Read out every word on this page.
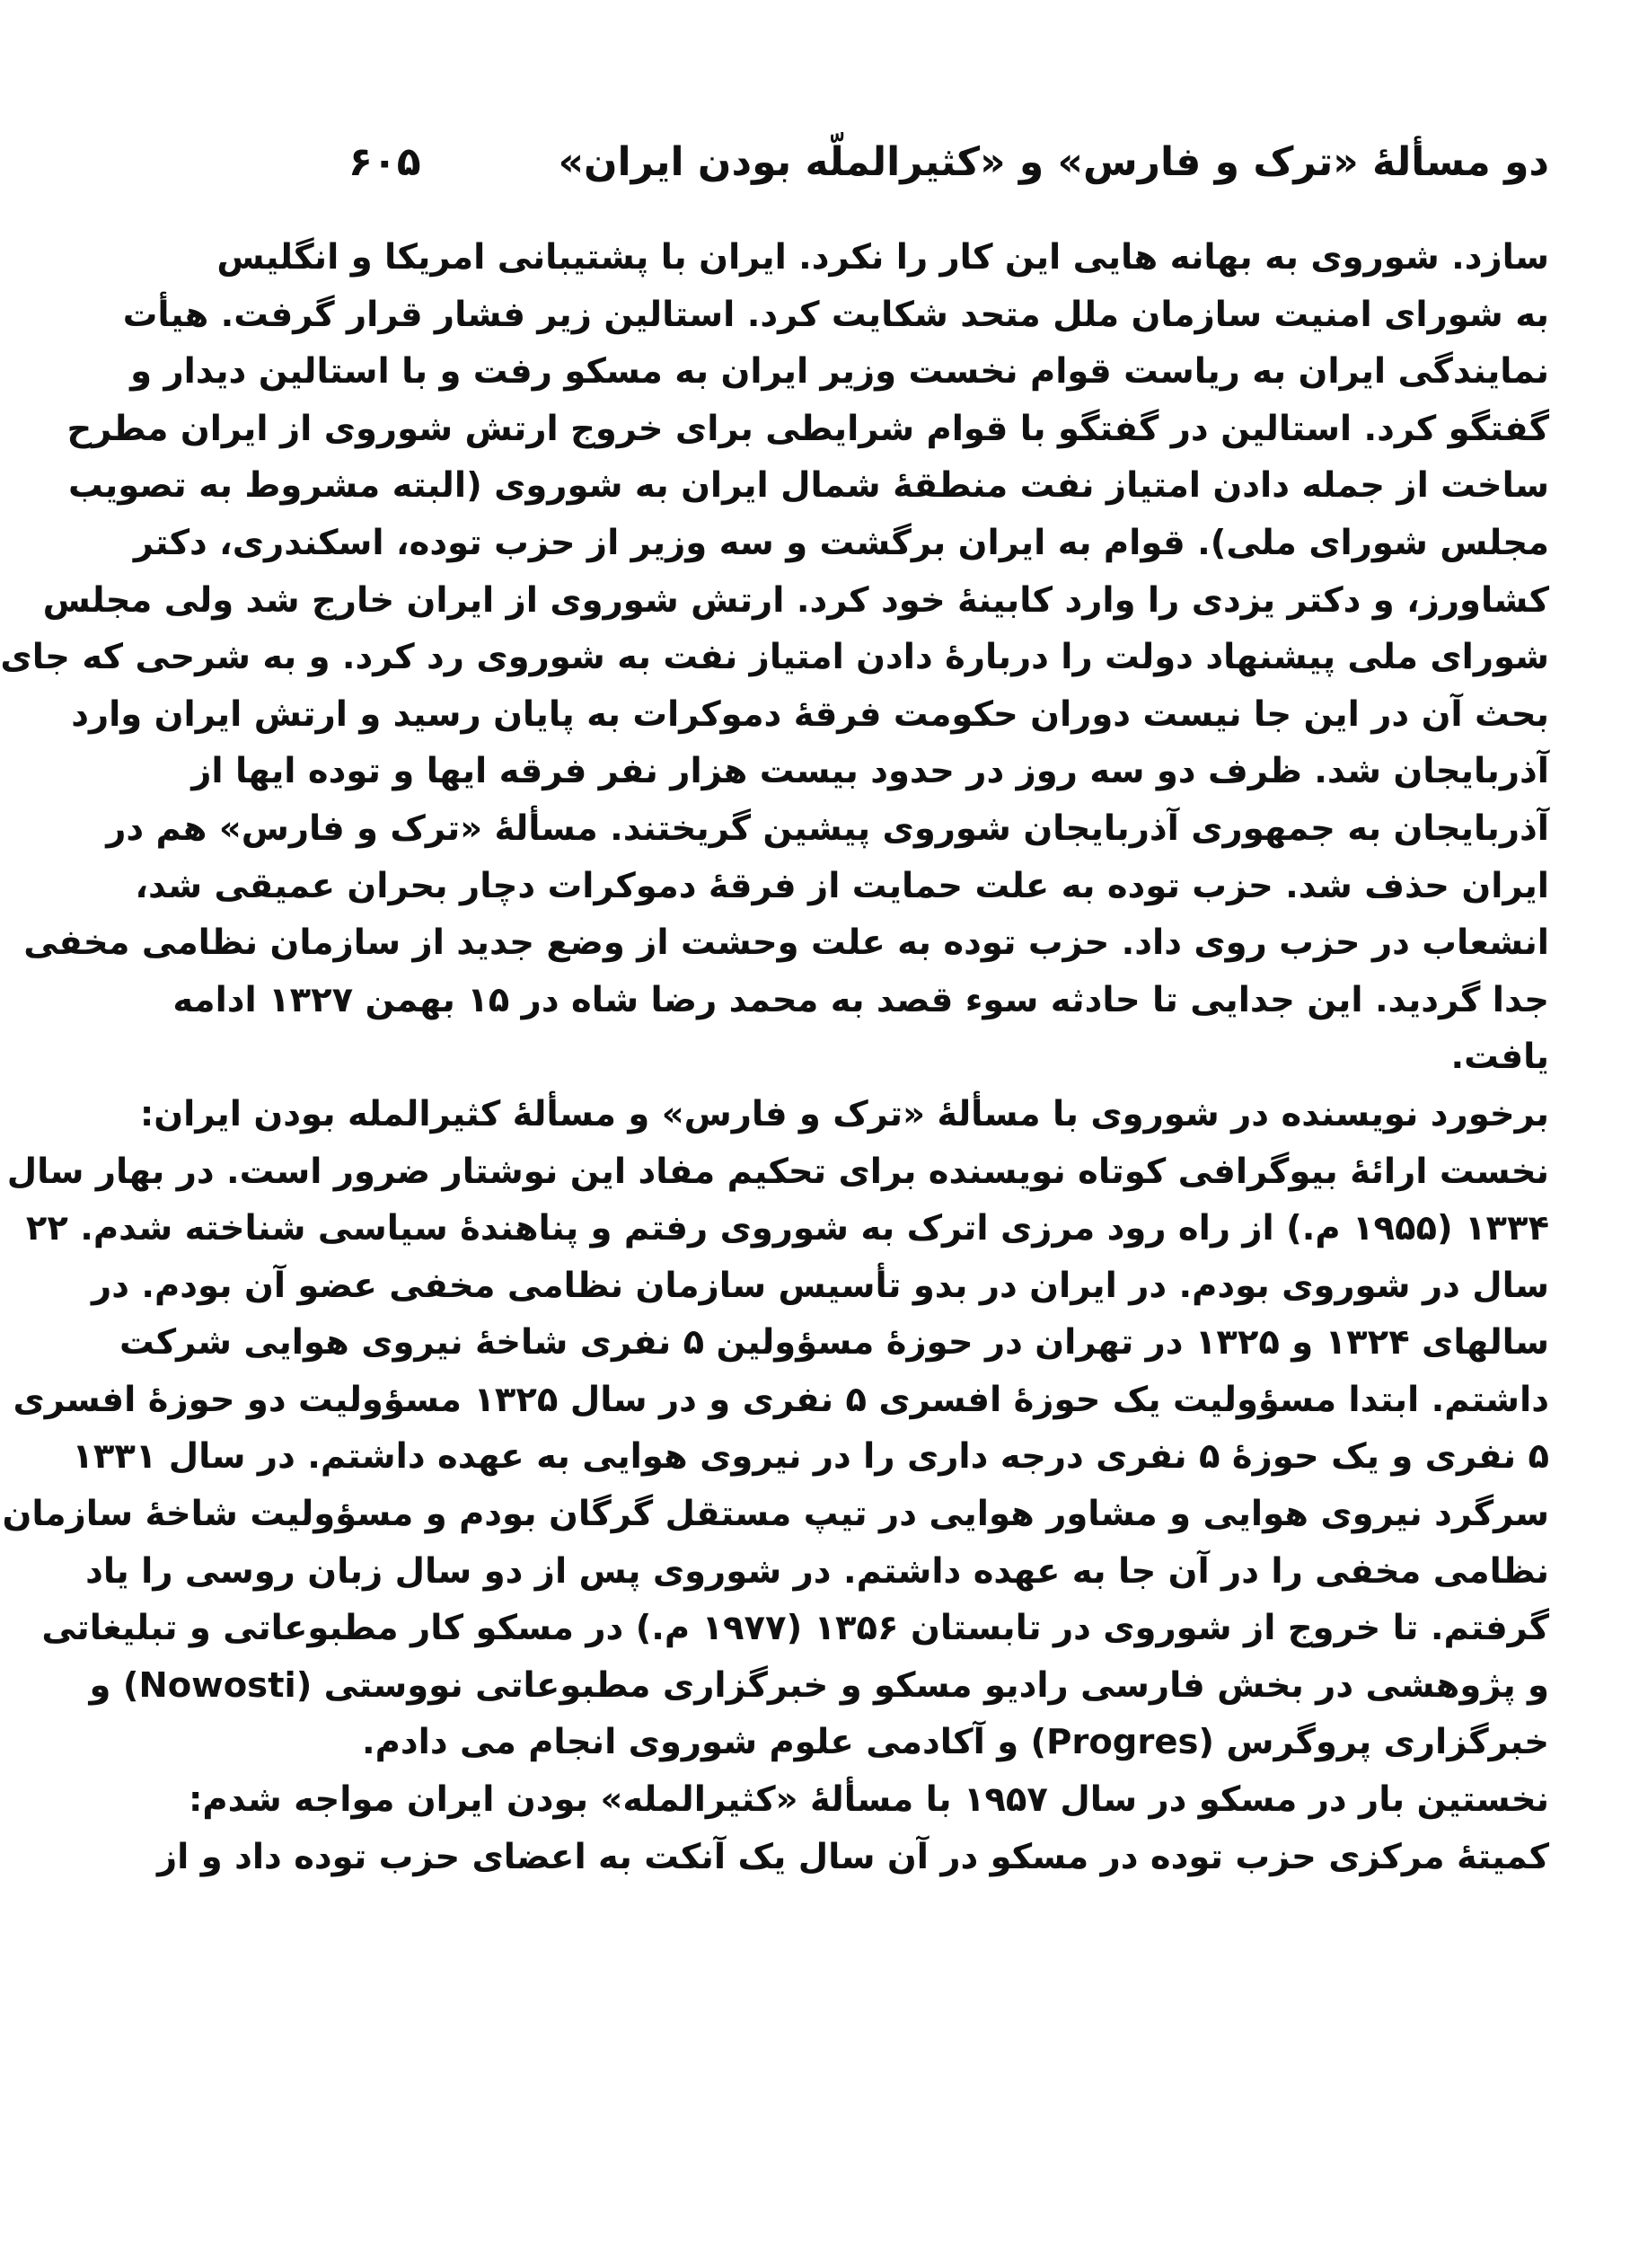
دو مسألهٔ «ترک و فارس» و «کثیرالملّه بودن ایران»
۶۰۵
سازد. شوروی به بهانه هایی این کار را نکرد. ایران با پشتیبانی امریکا و انگلیس
به شورای امنیت سازمان ملل متحد شکایت کرد. استالین زیر فشار قرار گرفت. هیأت
نمایندگی ایران به ریاست قوام نخست وزیر ایران به مسکو رفت و با استالین دیدار و
گفتگو کرد. استالین در گفتگو با قوام شرایطی برای خروج ارتش شوروی از ایران مطرح
ساخت از جمله دادن امتیاز نفت منطقهٔ شمال ایران به شوروی (البته مشروط به تصویب
مجلس شورای ملی). قوام به ایران برگشت و سه وزیر از حزب توده، اسکندری، دکتر
کشاورز، و دکتر یزدی را وارد کابینهٔ خود کرد. ارتش شوروی از ایران خارج شد ولی مجلس
شورای ملی پیشنهاد دولت را دربارهٔ دادن امتیاز نفت به شوروی رد کرد. و به شرحی که جای
بحث آن در این جا نیست دوران حکومت فرقهٔ دموکرات به پایان رسید و ارتش ایران وارد
آذربایجان شد. ظرف دو سه روز در حدود بیست هزار نفر فرقه ایها و توده ایها از
آذربایجان به جمهوری آذربایجان شوروی پیشین گریختند. مسألهٔ «ترک و فارس» هم در
ایران حذف شد. حزب توده به علت حمایت از فرقهٔ دموکرات دچار بحران عمیقی شد،
انشعاب در حزب روی داد. حزب توده به علت وحشت از وضع جدید از سازمان نظامی مخفی
جدا گردید. این جدایی تا حادثه سوء قصد به محمد رضا شاه در ۱۵ بهمن ۱۳۲۷ ادامه
یافت.
برخورد نویسنده در شوروی با مسألهٔ «ترک و فارس» و مسألهٔ کثیرالمله بودن ایران:
نخست ارائهٔ بیوگرافی کوتاه نویسنده برای تحکیم مفاد این نوشتار ضرور است. در بهار سال
۱۳۳۴ (۱۹۵۵ م.) از راه رود مرزی اترک به شوروی رفتم و پناهندهٔ سیاسی شناخته شدم. ۲۲
سال در شوروی بودم. در ایران در بدو تأسیس سازمان نظامی مخفی عضو آن بودم. در
سالهای ۱۳۲۴ و ۱۳۲۵ در تهران در حوزهٔ مسؤولین ۵ نفری شاخهٔ نیروی هوایی شرکت
داشتم. ابتدا مسؤولیت یک حوزهٔ افسری ۵ نفری و در سال ۱۳۲۵ مسؤولیت دو حوزهٔ افسری
۵ نفری و یک حوزهٔ ۵ نفری درجه داری را در نیروی هوایی به عهده داشتم. در سال ۱۳۳۱
سرگرد نیروی هوایی و مشاور هوایی در تیپ مستقل گرگان بودم و مسؤولیت شاخهٔ سازمان
نظامی مخفی را در آن جا به عهده داشتم. در شوروی پس از دو سال زبان روسی را یاد
گرفتم. تا خروج از شوروی در تابستان ۱۳۵۶ (۱۹۷۷ م.) در مسکو کار مطبوعاتی و تبلیغاتی
و پژوهشی در بخش فارسی رادیو مسکو و خبرگزاری مطبوعاتی نووستی (Nowosti) و
خبرگزاری پروگرس (Progres) و آکادمی علوم شوروی انجام می دادم.
نخستین بار در مسکو در سال ۱۹۵۷ با مسألهٔ «کثیرالمله» بودن ایران مواجه شدم:
کمیتهٔ مرکزی حزب توده در مسکو در آن سال یک آنکت به اعضای حزب توده داد و از
